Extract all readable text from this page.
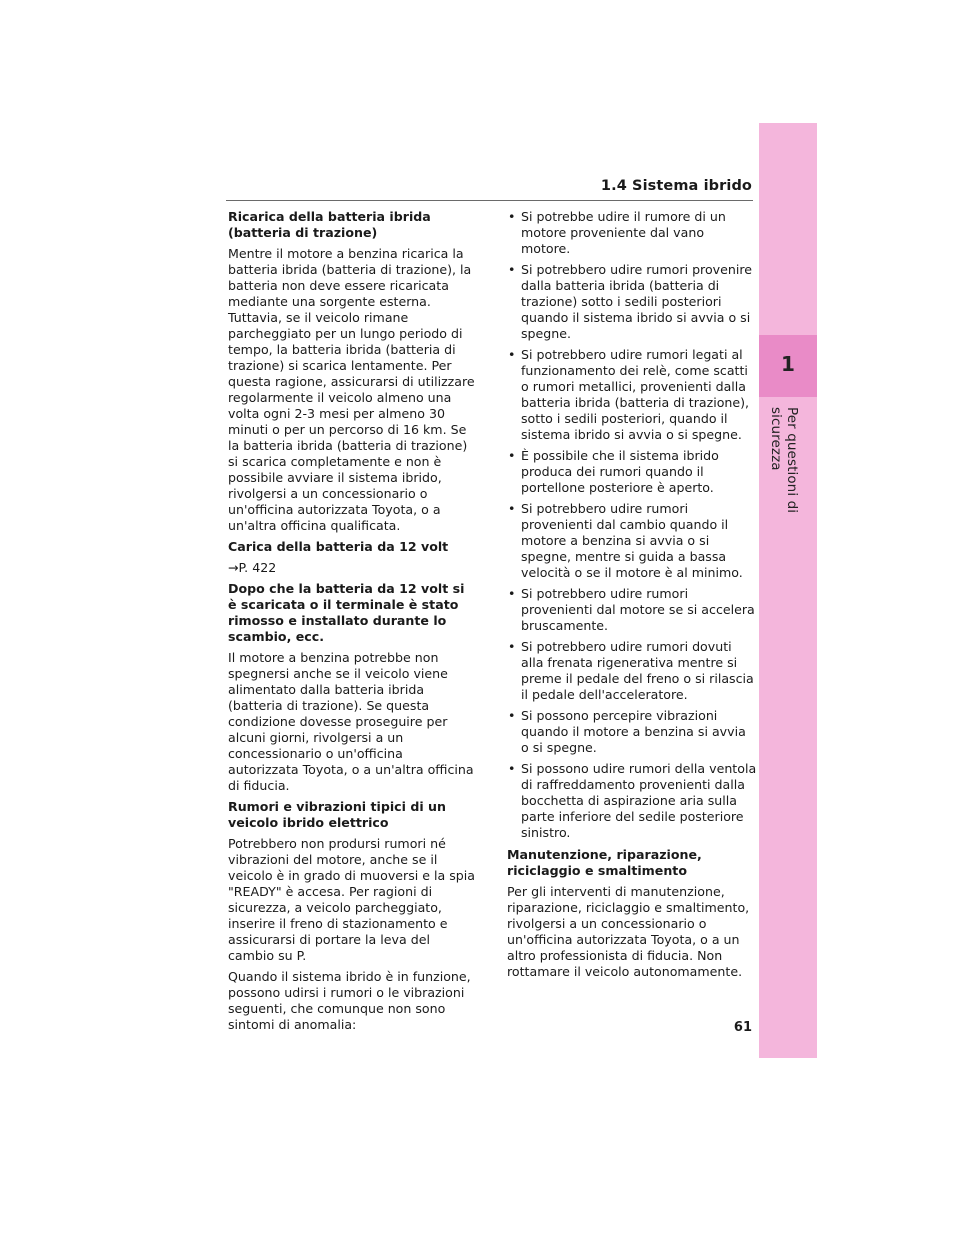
1
Per questioni di sicurezza
1.4 Sistema ibrido

Ricarica della batteria ibrida (batteria di trazione)

Mentre il motore a benzina ricarica la batteria ibrida (batteria di trazione), la batteria non deve essere ricaricata mediante una sorgente esterna. Tuttavia, se il veicolo rimane parcheggiato per un lungo periodo di tempo, la batteria ibrida (batteria di trazione) si scarica lentamente. Per questa ragione, assicurarsi di utilizzare regolarmente il veicolo almeno una volta ogni 2-3 mesi per almeno 30 minuti o per un percorso di 16 km. Se la batteria ibrida (batteria di trazione) si scarica completamente e non è possibile avviare il sistema ibrido, rivolgersi a un concessionario o un'officina autorizzata Toyota, o a un'altra officina qualificata.

Carica della batteria da 12 volt

→P. 422

Dopo che la batteria da 12 volt si è scaricata o il terminale è stato rimosso e installato durante lo scambio, ecc.

Il motore a benzina potrebbe non spegnersi anche se il veicolo viene alimentato dalla batteria ibrida (batteria di trazione). Se questa condizione dovesse proseguire per alcuni giorni, rivolgersi a un concessionario o un'officina autorizzata Toyota, o a un'altra officina di fiducia.

Rumori e vibrazioni tipici di un veicolo ibrido elettrico

Potrebbero non prodursi rumori né vibrazioni del motore, anche se il veicolo è in grado di muoversi e la spia "READY" è accesa. Per ragioni di sicurezza, a veicolo parcheggiato, inserire il freno di stazionamento e assicurarsi di portare la leva del cambio su P.

Quando il sistema ibrido è in funzione, possono udirsi i rumori o le vibrazioni seguenti, che comunque non sono sintomi di anomalia:

• Si potrebbe udire il rumore di un motore proveniente dal vano motore.
• Si potrebbero udire rumori provenire dalla batteria ibrida (batteria di trazione) sotto i sedili posteriori quando il sistema ibrido si avvia o si spegne.
• Si potrebbero udire rumori legati al funzionamento dei relè, come scatti o rumori metallici, provenienti dalla batteria ibrida (batteria di trazione), sotto i sedili posteriori, quando il sistema ibrido si avvia o si spegne.
• È possibile che il sistema ibrido produca dei rumori quando il portellone posteriore è aperto.
• Si potrebbero udire rumori provenienti dal cambio quando il motore a benzina si avvia o si spegne, mentre si guida a bassa velocità o se il motore è al minimo.
• Si potrebbero udire rumori provenienti dal motore se si accelera bruscamente.
• Si potrebbero udire rumori dovuti alla frenata rigenerativa mentre si preme il pedale del freno o si rilascia il pedale dell'acceleratore.
• Si possono percepire vibrazioni quando il motore a benzina si avvia o si spegne.
• Si possono udire rumori della ventola di raffreddamento provenienti dalla bocchetta di aspirazione aria sulla parte inferiore del sedile posteriore sinistro.

Manutenzione, riparazione, riciclaggio e smaltimento

Per gli interventi di manutenzione, riparazione, riciclaggio e smaltimento, rivolgersi a un concessionario o un'officina autorizzata Toyota, o a un altro professionista di fiducia. Non rottamare il veicolo autonomamente.

61
